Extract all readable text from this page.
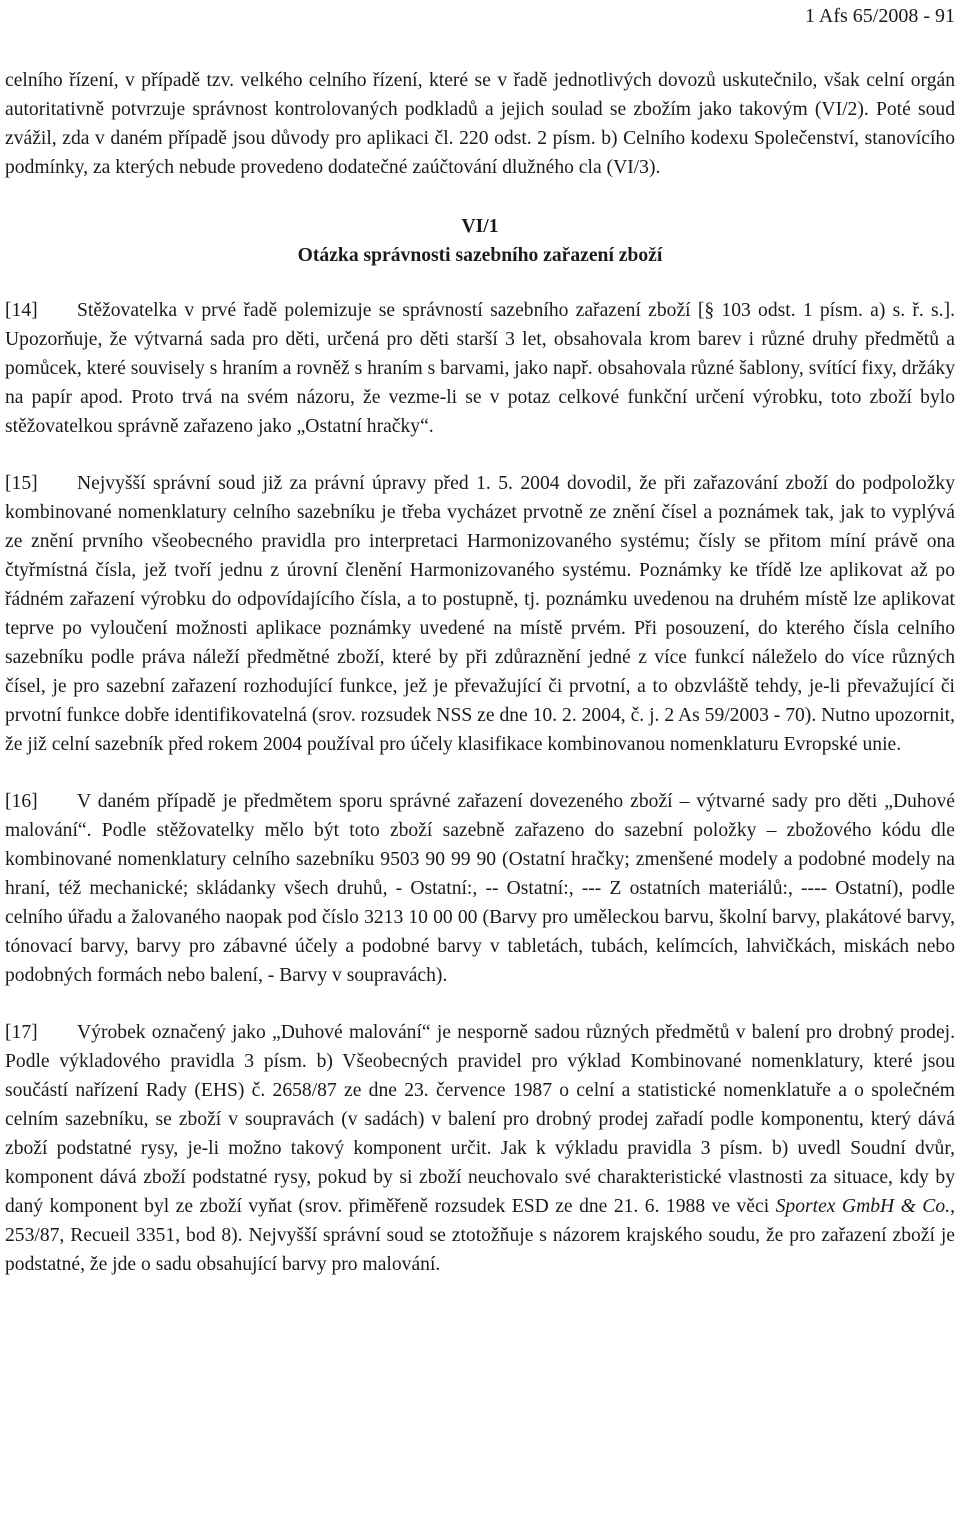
1 Afs 65/2008 - 91

celního řízení, v případě tzv. velkého celního řízení, které se v řadě jednotlivých dovozů uskutečnilo, však celní orgán autoritativně potvrzuje správnost kontrolovaných podkladů a jejich soulad se zbožím jako takovým (VI/2). Poté soud zvážil, zda v daném případě jsou důvody pro aplikaci čl. 220 odst. 2 písm. b) Celního kodexu Společenství, stanovícího podmínky, za kterých nebude provedeno dodatečné zaúčtování dlužného cla (VI/3).

VI/1
Otázka správnosti sazebního zařazení zboží

[14] Stěžovatelka v prvé řadě polemizuje se správností sazebního zařazení zboží [§ 103 odst. 1 písm. a) s. ř. s.]. Upozorňuje, že výtvarná sada pro děti, určená pro děti starší 3 let, obsahovala krom barev i různé druhy předmětů a pomůcek, které souvisely s hraním a rovněž s hraním s barvami, jako např. obsahovala různé šablony, svítící fixy, držáky na papír apod. Proto trvá na svém názoru, že vezme-li se v potaz celkové funkční určení výrobku, toto zboží bylo stěžovatelkou správně zařazeno jako „Ostatní hračky“.

[15] Nejvyšší správní soud již za právní úpravy před 1. 5. 2004 dovodil, že při zařazování zboží do podpoložky kombinované nomenklatury celního sazebníku je třeba vycházet prvotně ze znění čísel a poznámek tak, jak to vyplývá ze znění prvního všeobecného pravidla pro interpretaci Harmonizovaného systému; čísly se přitom míní právě ona čtyřmístná čísla, jež tvoří jednu z úrovní členění Harmonizovaného systému. Poznámky ke třídě lze aplikovat až po řádném zařazení výrobku do odpovídajícího čísla, a to postupně, tj. poznámku uvedenou na druhém místě lze aplikovat teprve po vyloučení možnosti aplikace poznámky uvedené na místě prvém. Při posouzení, do kterého čísla celního sazebníku podle práva náleží předmětné zboží, které by při zdůraznění jedné z více funkcí náleželo do více různých čísel, je pro sazební zařazení rozhodující funkce, jež je převažující či prvotní, a to obzvláště tehdy, je-li převažující či prvotní funkce dobře identifikovatelná (srov. rozsudek NSS ze dne 10. 2. 2004, č. j. 2 As 59/2003 - 70). Nutno upozornit, že již celní sazebník před rokem 2004 používal pro účely klasifikace kombinovanou nomenklaturu Evropské unie.

[16] V daném případě je předmětem sporu správné zařazení dovezeného zboží – výtvarné sady pro děti „Duhové malování“. Podle stěžovatelky mělo být toto zboží sazebně zařazeno do sazební položky – zbožového kódu dle kombinované nomenklatury celního sazebníku 9503 90 99 90 (Ostatní hračky; zmenšené modely a podobné modely na hraní, též mechanické; skládanky všech druhů, - Ostatní:, -- Ostatní:, --- Z ostatních materiálů:, ---- Ostatní), podle celního úřadu a žalovaného naopak pod číslo 3213 10 00 00 (Barvy pro uměleckou barvu, školní barvy, plakátové barvy, tónovací barvy, barvy pro zábavné účely a podobné barvy v tabletách, tubách, kelímcích, lahvičkách, miskách nebo podobných formách nebo balení, - Barvy v soupravách).

[17] Výrobek označený jako „Duhové malování“ je nesporně sadou různých předmětů v balení pro drobný prodej. Podle výkladového pravidla 3 písm. b) Všeobecných pravidel pro výklad Kombinované nomenklatury, které jsou součástí nařízení Rady (EHS) č. 2658/87 ze dne 23. července 1987 o celní a statistické nomenklatuře a o společném celním sazebníku, se zboží v soupravách (v sadách) v balení pro drobný prodej zařadí podle komponentu, který dává zboží podstatné rysy, je-li možno takový komponent určit. Jak k výkladu pravidla 3 písm. b) uvedl Soudní dvůr, komponent dává zboží podstatné rysy, pokud by si zboží neuchovalo své charakteristické vlastnosti za situace, kdy by daný komponent byl ze zboží vyňat (srov. přiměřeně rozsudek ESD ze dne 21. 6. 1988 ve věci Sportex GmbH & Co., 253/87, Recueil 3351, bod 8). Nejvyšší správní soud se ztotožňuje s názorem krajského soudu, že pro zařazení zboží je podstatné, že jde o sadu obsahující barvy pro malování.
